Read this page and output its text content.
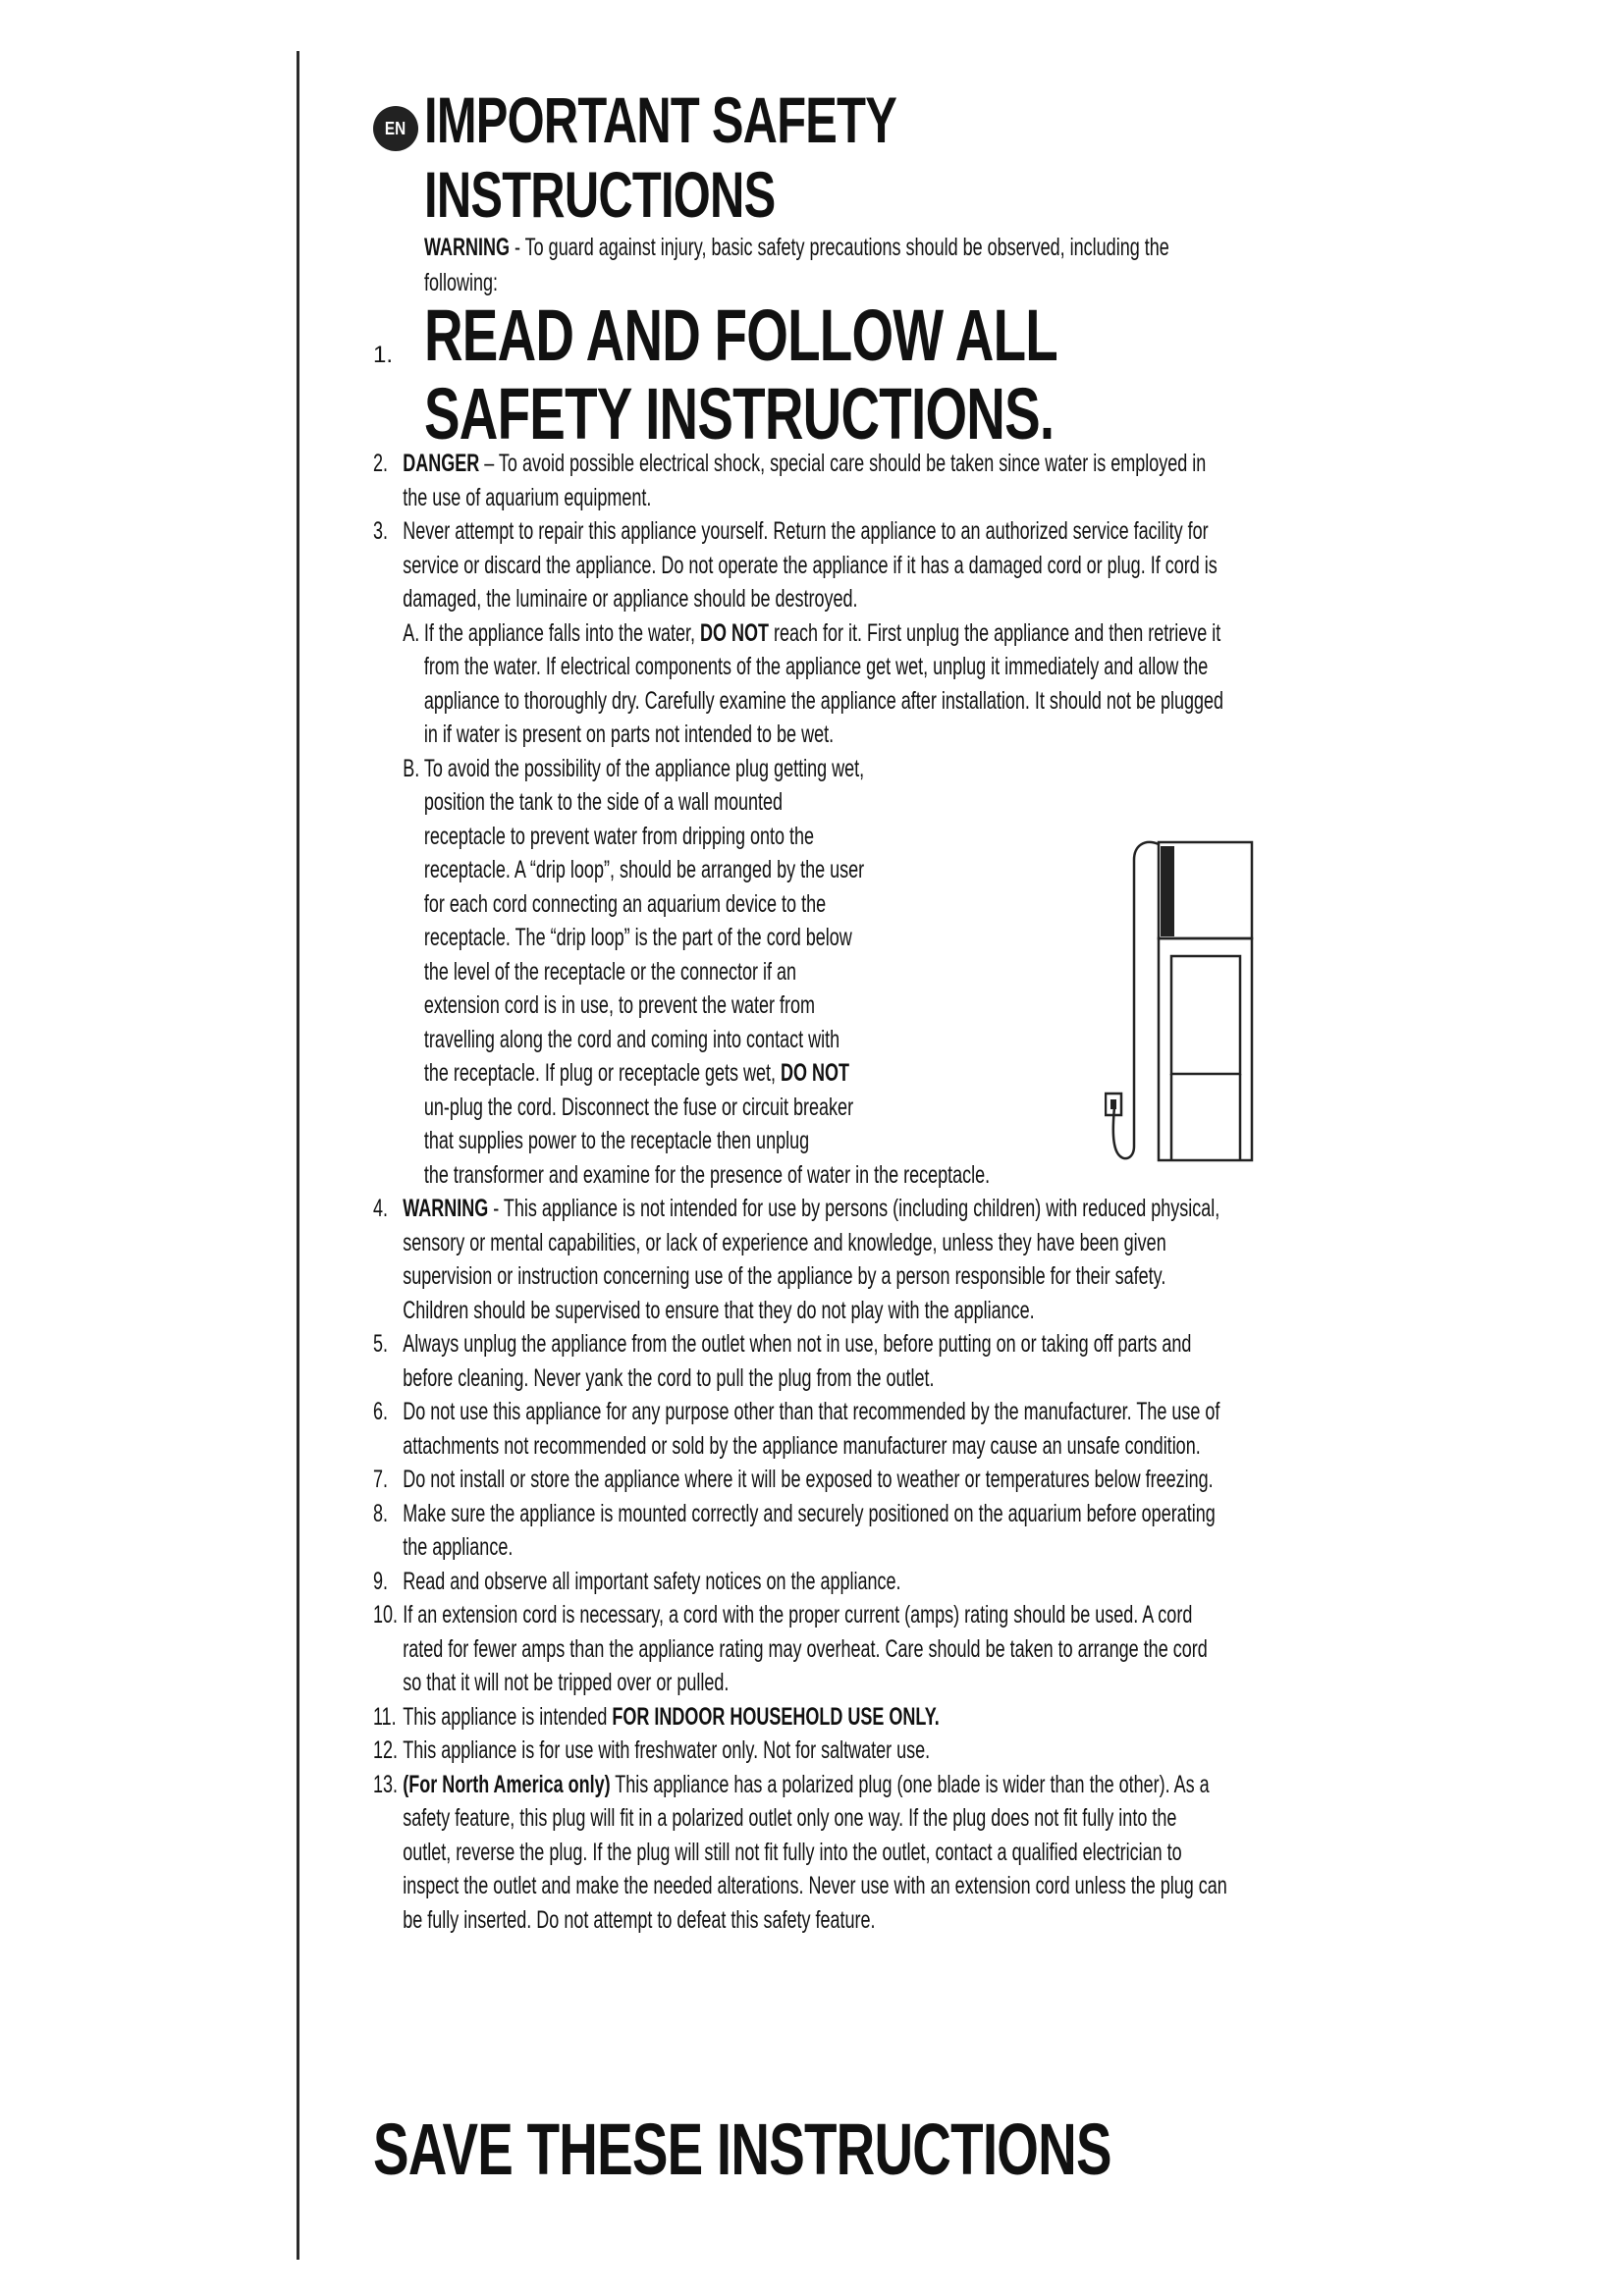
EN IMPORTANT SAFETY INSTRUCTIONS

WARNING - To guard against injury, basic safety precautions should be observed, including the following:

1. READ AND FOLLOW ALL SAFETY INSTRUCTIONS.
2. DANGER – To avoid possible electrical shock, special care should be taken since water is employed in the use of aquarium equipment.
3. Never attempt to repair this appliance yourself. Return the appliance to an authorized service facility for service or discard the appliance. Do not operate the appliance if it has a damaged cord or plug. If cord is damaged, the luminaire or appliance should be destroyed.
A. If the appliance falls into the water, DO NOT reach for it. First unplug the appliance and then retrieve it from the water. If electrical components of the appliance get wet, unplug it immediately and allow the appliance to thoroughly dry. Carefully examine the appliance after installation. It should not be plugged in if water is present on parts not intended to be wet.
B. To avoid the possibility of the appliance plug getting wet, position the tank to the side of a wall mounted receptacle to prevent water from dripping onto the receptacle. A “drip loop”, should be arranged by the user for each cord connecting an aquarium device to the receptacle. The “drip loop” is the part of the cord below the level of the receptacle or the connector if an extension cord is in use, to prevent the water from travelling along the cord and coming into contact with the receptacle. If plug or receptacle gets wet, DO NOT un-plug the cord. Disconnect the fuse or circuit breaker that supplies power to the receptacle then unplug
the transformer and examine for the presence of water in the receptacle.
4. WARNING - This appliance is not intended for use by persons (including children) with reduced physical, sensory or mental capabilities, or lack of experience and knowledge, unless they have been given supervision or instruction concerning use of the appliance by a person responsible for their safety. Children should be supervised to ensure that they do not play with the appliance.
5. Always unplug the appliance from the outlet when not in use, before putting on or taking off parts and before cleaning. Never yank the cord to pull the plug from the outlet.
6. Do not use this appliance for any purpose other than that recommended by the manufacturer. The use of attachments not recommended or sold by the appliance manufacturer may cause an unsafe condition.
7. Do not install or store the appliance where it will be exposed to weather or temperatures below freezing.
8. Make sure the appliance is mounted correctly and securely positioned on the aquarium before operating the appliance.
9. Read and observe all important safety notices on the appliance.
10. If an extension cord is necessary, a cord with the proper current (amps) rating should be used. A cord rated for fewer amps than the appliance rating may overheat. Care should be taken to arrange the cord so that it will not be tripped over or pulled.
11. This appliance is intended FOR INDOOR HOUSEHOLD USE ONLY.
12. This appliance is for use with freshwater only. Not for saltwater use.
13. (For North America only) This appliance has a polarized plug (one blade is wider than the other). As a safety feature, this plug will fit in a polarized outlet only one way. If the plug does not fit fully into the outlet, reverse the plug. If the plug will still not fit fully into the outlet, contact a qualified electrician to inspect the outlet and make the needed alterations. Never use with an extension cord unless the plug can be fully inserted. Do not attempt to defeat this safety feature.
SAVE THESE INSTRUCTIONS
